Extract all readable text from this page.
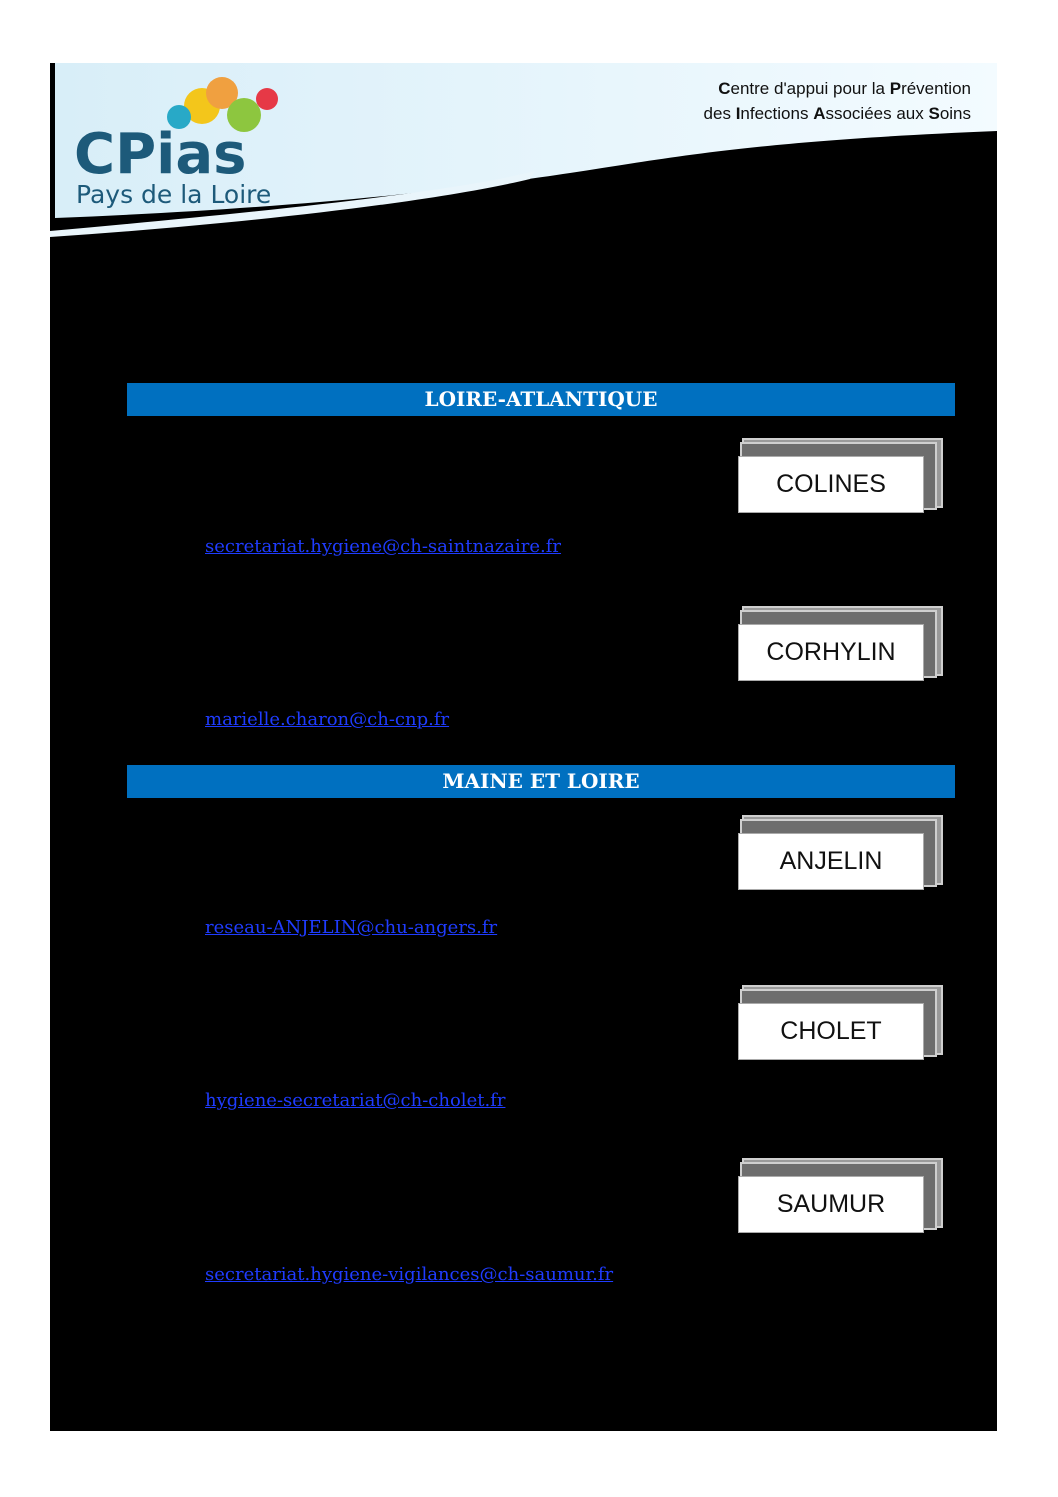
CPias
Pays de la Loire
Centre d'appui pour la Prévention
des Infections Associées aux Soins
LOIRE-ATLANTIQUE
COLINES
secretariat.hygiene@ch-saintnazaire.fr
CORHYLIN
marielle.charon@ch-cnp.fr
MAINE ET LOIRE
ANJELIN
reseau-ANJELIN@chu-angers.fr
CHOLET
hygiene-secretariat@ch-cholet.fr
SAUMUR
secretariat.hygiene-vigilances@ch-saumur.fr
